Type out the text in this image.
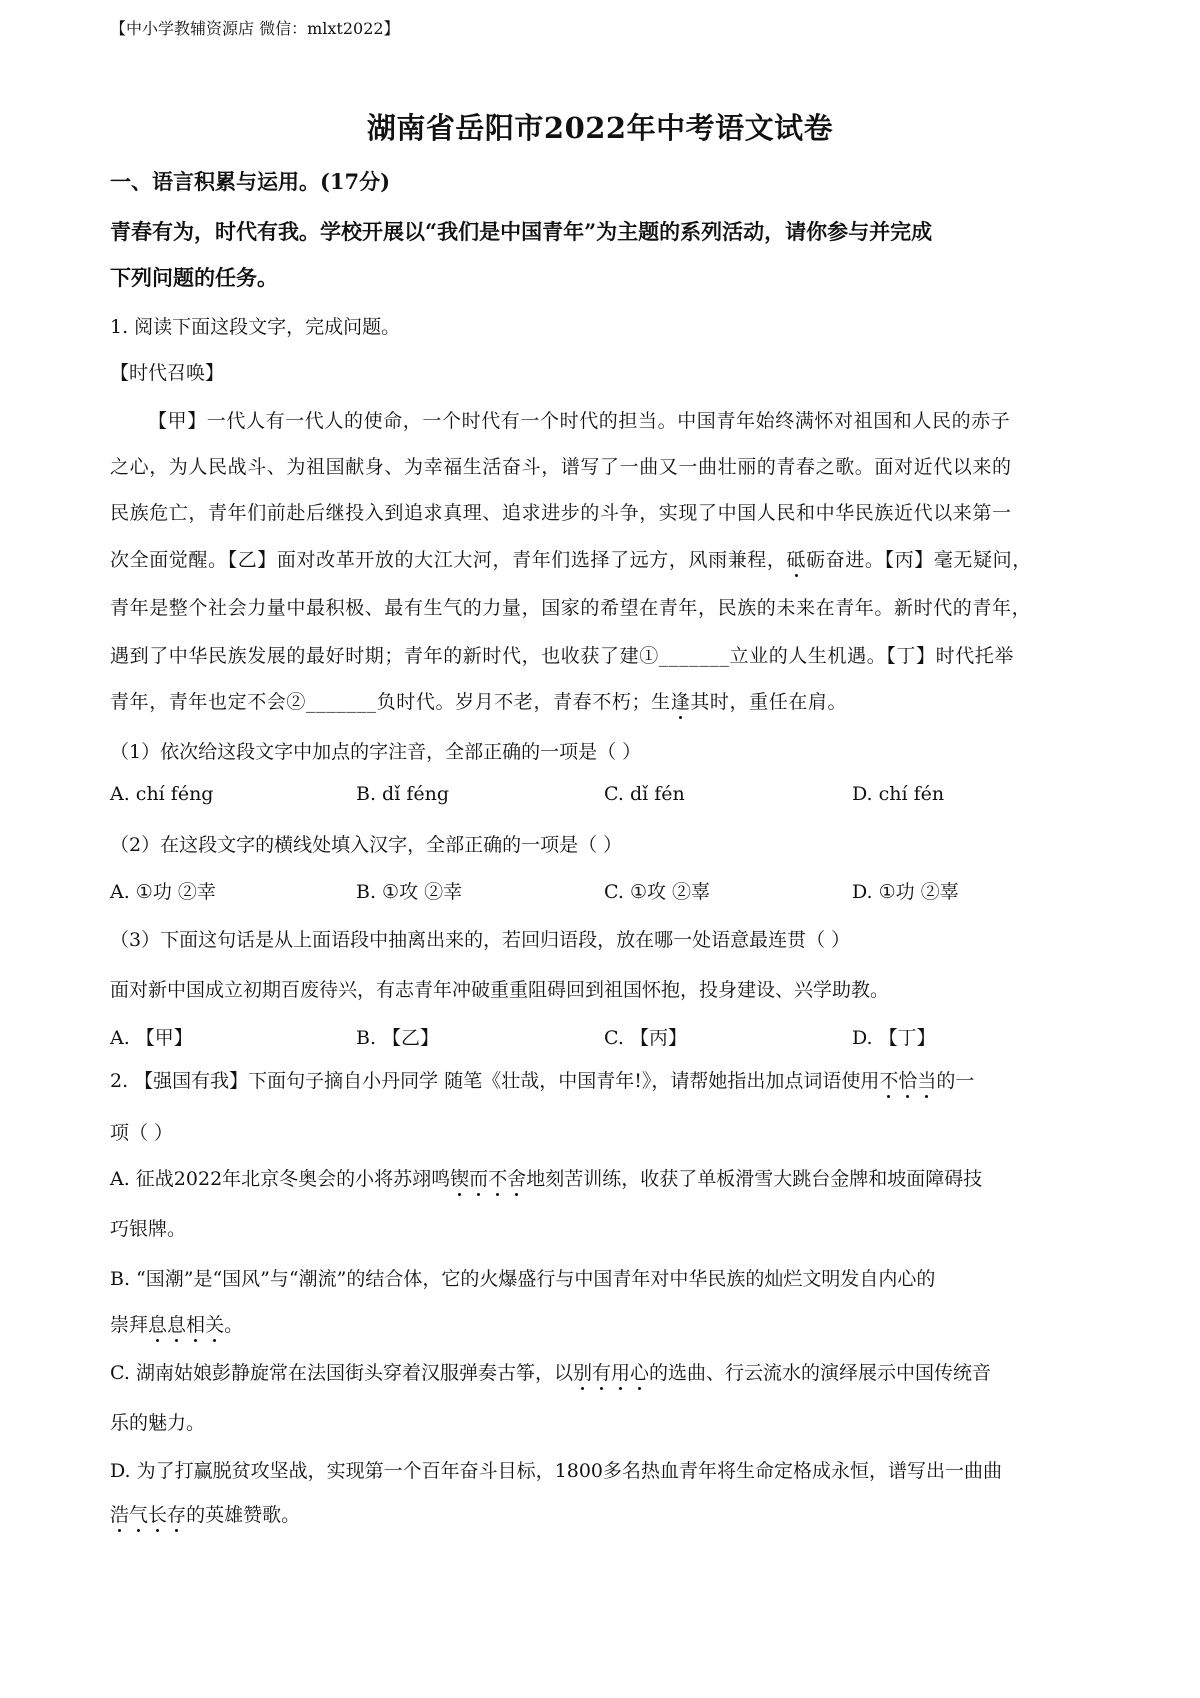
【中小学教辅资源店 微信：mlxt2022】
湖南省岳阳市2022年中考语文试卷
一、语言积累与运用。(17分)
青春有为，时代有我。学校开展以“我们是中国青年”为主题的系列活动，请你参与并完成
下列问题的任务。
1. 阅读下面这段文字，完成问题。
【时代召唤】
【甲】一代人有一代人的使命，一个时代有一个时代的担当。中国青年始终满怀对祖国和人民的赤子
之心，为人民战斗、为祖国献身、为幸福生活奋斗，谱写了一曲又一曲壮丽的青春之歌。面对近代以来的
民族危亡，青年们前赴后继投入到追求真理、追求进步的斗争，实现了中国人民和中华民族近代以来第一
次全面觉醒。【乙】面对改革开放的大江大河，青年们选择了远方，风雨兼程，砥砺奋进。【丙】毫无疑问，
青年是整个社会力量中最积极、最有生气的力量，国家的希望在青年，民族的未来在青年。新时代的青年，
遇到了中华民族发展的最好时期；青年的新时代，也收获了建①_______立业的人生机遇。【丁】时代托举
青年，青年也定不会②_______负时代。岁月不老，青春不朽；生逢其时，重任在肩。
（1）依次给这段文字中加点的字注音，全部正确的一项是（ ）
A. chí féng	B. dǐ féng	C. dǐ fén	D. chí fén
（2）在这段文字的横线处填入汉字，全部正确的一项是（ ）
A. ①功 ②幸	B. ①攻 ②幸	C. ①攻 ②辜	D. ①功 ②辜
（3）下面这句话是从上面语段中抽离出来的，若回归语段，放在哪一处语意最连贯（ ）
面对新中国成立初期百废待兴，有志青年冲破重重阻碍回到祖国怀抱，投身建设、兴学助教。
A. 【甲】	B. 【乙】	C. 【丙】	D. 【丁】
2. 【强国有我】下面句子摘自小丹同学 随笔《壮哉，中国青年!》，请帮她指出加点词语使用不恰当的一
项（ ）
A. 征战2022年北京冬奥会的小将苏翊鸣锲而不舍地刻苦训练，收获了单板滑雪大跳台金牌和坡面障碍技
巧银牌。
B. “国潮”是“国风”与“潮流”的结合体，它的火爆盛行与中国青年对中华民族的灿烂文明发自内心的
崇拜息息相关。
C. 湖南姑娘彭静旋常在法国街头穿着汉服弹奏古筝，以别有用心的选曲、行云流水的演绎展示中国传统音
乐的魅力。
D. 为了打赢脱贫攻坚战，实现第一个百年奋斗目标，1800多名热血青年将生命定格成永恒，谱写出一曲曲
浩气长存的英雄赞歌。
